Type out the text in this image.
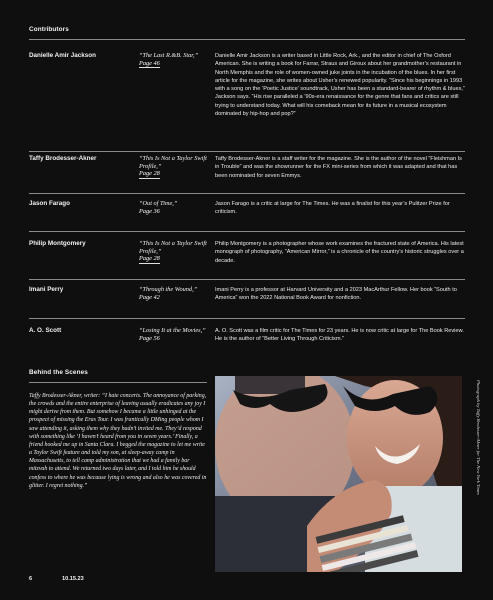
Contributors
Danielle Amir Jackson	“The Last R.&B. Star,”
Page 46
Danielle Amir Jackson is a writer based in Little Rock, Ark., and the editor in chief of The Oxford American. She is writing a book for Farrar, Straus and Giroux about her grandmother’s restaurant in North Memphis and the role of women-owned juke joints in the incubation of the blues. In her first article for the magazine, she writes about Usher’s renewed popularity. “Since his beginnings in 1993 with a song on the ‘Poetic Justice’ soundtrack, Usher has been a standard-bearer of rhythm & blues,” Jackson says. “His rise paralleled a ’90s-era renaissance for the genre that fans and critics are still trying to understand today. What will his comeback mean for its future in a musical ecosystem dominated by hip-hop and pop?”
Taffy Brodesser-Akner	“This Is Not a Taylor Swift Profile,”
Page 28
Taffy Brodesser-Akner is a staff writer for the magazine. She is the author of the novel “Fleishman Is in Trouble” and was the showrunner for the FX mini-series from which it was adapted and that has been nominated for seven Emmys.
Jason Farago	“Out of Time,”
Page 36
Jason Farago is a critic at large for The Times. He was a finalist for this year’s Pulitzer Prize for criticism.
Philip Montgomery	“This Is Not a Taylor Swift Profile,”
Page 28
Philip Montgomery is a photographer whose work examines the fractured state of America. His latest monograph of photography, “American Mirror,” is a chronicle of the country’s historic struggles over a decade.
Imani Perry	“Through the Wound,”
Page 42
Imani Perry is a professor at Harvard University and a 2023 MacArthur Fellow. Her book “South to America” won the 2022 National Book Award for nonfiction.
A. O. Scott	“Losing It at the Movies,”
Page 56
A. O. Scott was a film critic for The Times for 23 years. He is now critic at large for The Book Review. He is the author of “Better Living Through Criticism.”
Behind the Scenes
Taffy Brodesser-Akner, writer: “I hate concerts. The annoyance of parking, the crowds and the entire enterprise of leaving usually eradicates any joy I might derive from them. But somehow I became a little unhinged at the prospect of missing the Eras Tour. I was frantically DMing people whom I saw attending it, asking them why they hadn’t invited me. They’d respond with something like ‘I haven’t heard from you in seven years.’ Finally, a friend hooked me up in Santa Clara. I begged the magazine to let me write a Taylor Swift feature and told my son, at sleep-away camp in Massachusetts, to tell camp administration that we had a family bar mitzvah to attend. We returned two days later, and I told him he should confess to where he was because lying is wrong and also he was covered in glitter. I regret nothing.”	Photograph by Taffy Brodesser-Akner for The New York Times
6	10.15.23
